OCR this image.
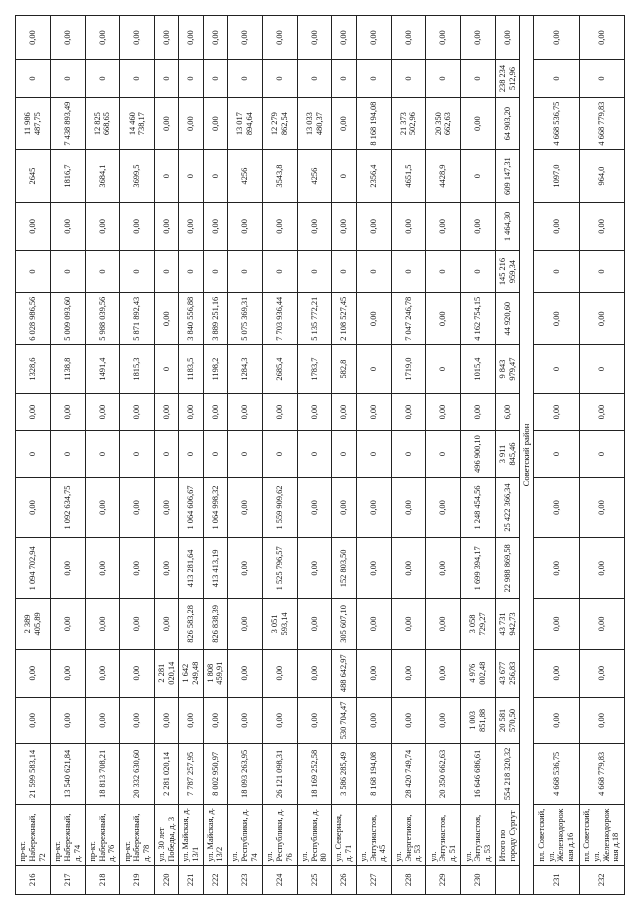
216	пр-кт. Набережный, 72	21 599 583,14	0,00	0,00	2 389 405,89	1 094 702,94	0,00	0	0,00	1328,6	6 028 986,56	0	0,00	2645	11 986 487,75	0	0,00
217	пр-кт. Набережный, д. 74	13 540 621,84	0,00	0,00	0,00	0,00	1 092 634,75	0	0,00	1138,8	5 009 093,60	0	0,00	1816,7	7 438 893,49	0	0,00
218	пр-кт. Набережный, д. 76	18 813 708,21	0,00	0,00	0,00	0,00	0,00	0	0,00	1491,4	5 988 039,56	0	0,00	3684,1	12 825 668,65	0	0,00
219	пр-кт. Набережный, д. 78	20 332 630,60	0,00	0,00	0,00	0,00	0,00	0	0,00	1815,3	5 871 892,43	0	0,00	3699,5	14 460 738,17	0	0,00
220	ул. 30 лет Победы, д. 3	2 281 020,14	0,00	2 281 020,14	0,00	0,00	0,00	0	0,00	0	0,00	0	0,00	0	0,00	0	0,00
221	ул. Майская, д. 13/1	7 787 257,95	0,00	1 642 249,48	826 583,28	413 281,64	1 064 606,67	0	0,00	1183,5	3 840 556,88	0	0,00	0	0,00	0	0,00
222	ул. Майская, д. 13/2	8 002 950,97	0,00	1 808 459,91	826 838,39	413 413,19	1 064 998,32	0	0,00	1198,2	3 889 251,16	0	0,00	0	0,00	0	0,00
223	ул. Республики, д. 74	18 093 263,95	0,00	0,00	0,00	0,00	0,00	0	0,00	1284,3	5 075 369,31	0	0,00	4256	13 017 894,64	0	0,00
224	ул. Республики, д. 76	26 121 098,31	0,00	0,00	3 051 593,14	1 525 796,57	1 559 909,62	0	0,00	2685,4	7 703 936,44	0	0,00	3543,8	12 279 862,54	0	0,00
225	ул. Республики, д. 80	18 169 252,58	0,00	0,00	0,00	0,00	0,00	0	0,00	1783,7	5 135 772,21	0	0,00	4256	13 033 480,37	0	0,00
226	ул. Северная, д. 71	3 586 285,49	530 704,47	488 642,97	305 607,10	152 803,50	0,00	0	0,00	582,8	2 108 527,45	0	0,00	0	0,00	0	0,00
227	ул. Энтузиастов, д. 45	8 168 194,08	0,00	0,00	0,00	0,00	0,00	0	0,00	0	0,00	0	0,00	2356,4	8 168 194,08	0	0,00
228	ул. Энергетиков, д. 53	28 420 749,74	0,00	0,00	0,00	0,00	0,00	0	0,00	1719,0	7 047 246,78	0	0,00	4651,5	21 373 502,96	0	0,00
229	ул. Энтузиастов, д. 51	20 350 662,63	0,00	0,00	0,00	0,00	0,00	0	0,00	0	0,00	0	0,00	4428,9	20 350 662,63	0	0,00
230	ул. Энтузиастов, д. 53	16 646 686,61	1 003 851,88	4 976 002,48	3 058 729,27	1 699 394,17	1 248 454,56	496 900,10	0,00	1015,4	4 162 754,15	0	0,00	0	0,00	0	0,00
	Итого по городу Сургут	554 218 320,32	20 581 570,50	43 677 256,83	43 731 942,73	22 988 869,58	25 422 366,34	3 911 845,46	6,00	9 843 979,47	44 920,60	145 216 959,34	1 464,30	609 147,31	64 903,20	238 234 512,96	0,00
Советский район																	
231	пл. Советский, ул. Железнодорожная д.16	4 668 536,75	0,00	0,00	0,00	0,00	0,00	0	0,00	0	0,00	0	0,00	1097,0	4 668 536,75	0	0,00
232	пл. Советский, ул. Железнодорожная д.18	4 668 779,83	0,00	0,00	0,00	0,00	0,00	0	0,00	0	0,00	0	0,00	964,0	4 668 779,83	0	0,00
